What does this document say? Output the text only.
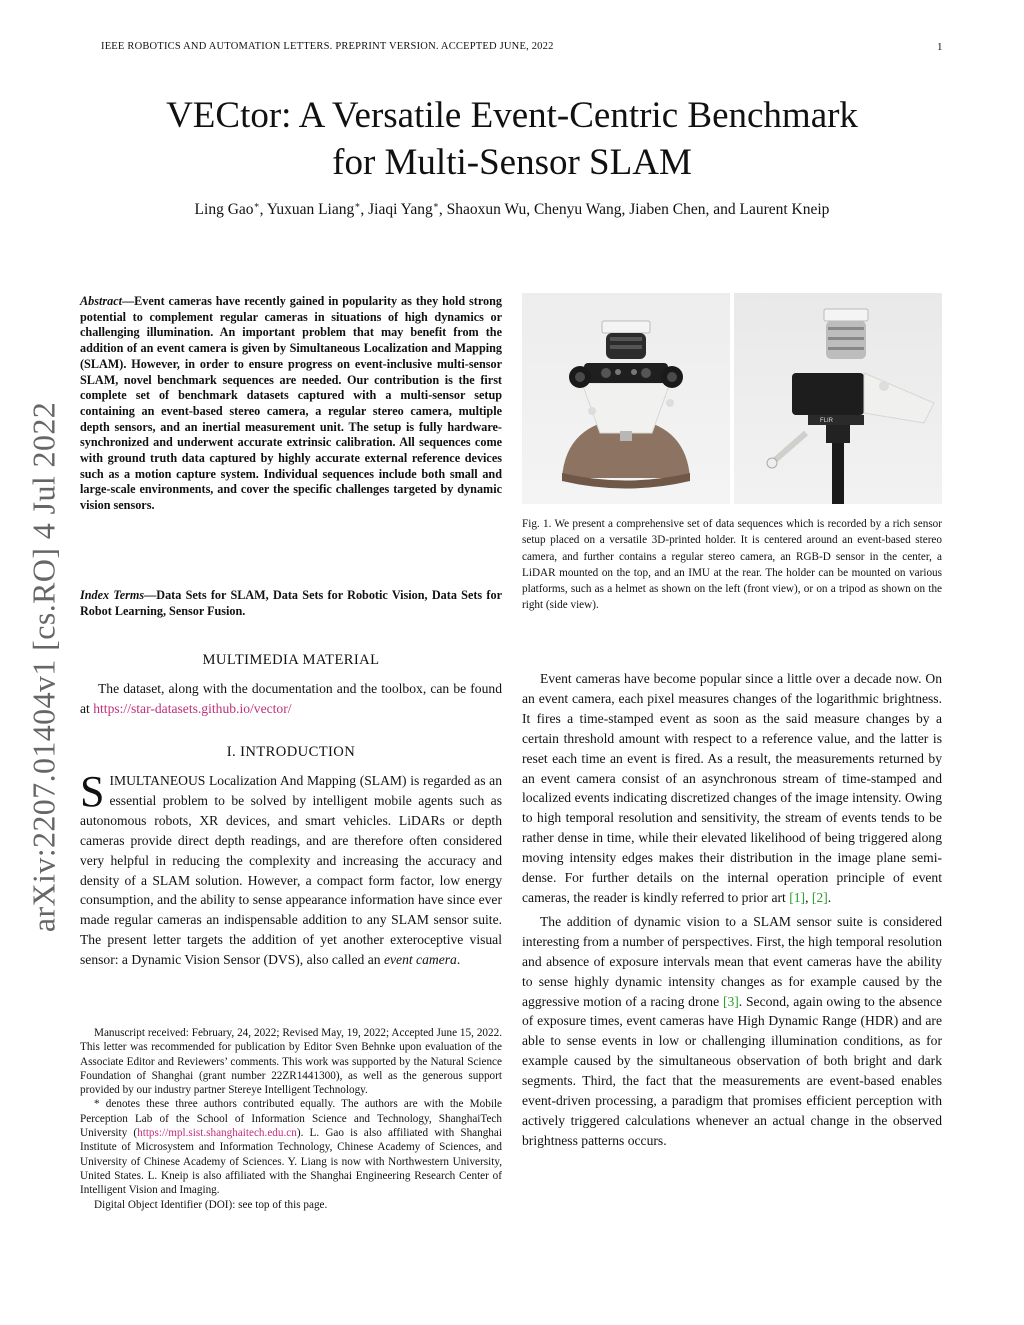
IEEE ROBOTICS AND AUTOMATION LETTERS. PREPRINT VERSION. ACCEPTED JUNE, 2022	1
arXiv:2207.01404v1 [cs.RO] 4 Jul 2022
VECtor: A Versatile Event-Centric Benchmark
for Multi-Sensor SLAM
Ling Gao∗, Yuxuan Liang∗, Jiaqi Yang∗, Shaoxun Wu, Chenyu Wang, Jiaben Chen, and Laurent Kneip
Abstract—Event cameras have recently gained in popularity as they hold strong potential to complement regular cameras in situations of high dynamics or challenging illumination. An important problem that may benefit from the addition of an event camera is given by Simultaneous Localization and Mapping (SLAM). However, in order to ensure progress on event-inclusive multi-sensor SLAM, novel benchmark sequences are needed. Our contribution is the first complete set of benchmark datasets captured with a multi-sensor setup containing an event-based stereo camera, a regular stereo camera, multiple depth sensors, and an inertial measurement unit. The setup is fully hardware-synchronized and underwent accurate extrinsic calibration. All sequences come with ground truth data captured by highly accurate external reference devices such as a motion capture system. Individual sequences include both small and large-scale environments, and cover the specific challenges targeted by dynamic vision sensors.
Index Terms—Data Sets for SLAM, Data Sets for Robotic Vision, Data Sets for Robot Learning, Sensor Fusion.
MULTIMEDIA MATERIAL
The dataset, along with the documentation and the toolbox, can be found at https://star-datasets.github.io/vector/
I. INTRODUCTION
SIMULTANEOUS Localization And Mapping (SLAM) is regarded as an essential problem to be solved by intelligent mobile agents such as autonomous robots, XR devices, and smart vehicles. LiDARs or depth cameras provide direct depth readings, and are therefore often considered very helpful in reducing the complexity and increasing the accuracy and density of a SLAM solution. However, a compact form factor, low energy consumption, and the ability to sense appearance information have since ever made regular cameras an indispensable addition to any SLAM sensor suite. The present letter targets the addition of yet another exteroceptive visual sensor: a Dynamic Vision Sensor (DVS), also called an event camera.

Manuscript received: February, 24, 2022; Revised May, 19, 2022; Accepted June 15, 2022. This letter was recommended for publication by Editor Sven Behnke upon evaluation of the Associate Editor and Reviewers’ comments. This work was supported by the Natural Science Foundation of Shanghai (grant number 22ZR1441300), as well as the generous support provided by our industry partner Stereye Intelligent Technology.

* denotes these three authors contributed equally. The authors are with the Mobile Perception Lab of the School of Information Science and Technology, ShanghaiTech University (https://mpl.sist.shanghaitech.edu.cn). L. Gao is also affiliated with Shanghai Institute of Microsystem and Information Technology, Chinese Academy of Sciences, and University of Chinese Academy of Sciences. Y. Liang is now with Northwestern University, United States. L. Kneip is also affiliated with the Shanghai Engineering Research Center of Intelligent Vision and Imaging.

Digital Object Identifier (DOI): see top of this page.

FLIR
Fig. 1. We present a comprehensive set of data sequences which is recorded by a rich sensor setup placed on a versatile 3D-printed holder. It is centered around an event-based stereo camera, and further contains a regular stereo camera, an RGB-D sensor in the center, a LiDAR mounted on the top, and an IMU at the rear. The holder can be mounted on various platforms, such as a helmet as shown on the left (front view), or on a tripod as shown on the right (side view).

Event cameras have become popular since a little over a decade now. On an event camera, each pixel measures changes of the logarithmic brightness. It fires a time-stamped event as soon as the said measure changes by a certain threshold amount with respect to a reference value, and the latter is reset each time an event is fired. As a result, the measurements returned by an event camera consist of an asynchronous stream of time-stamped and localized events indicating discretized changes of the image intensity. Owing to high temporal resolution and sensitivity, the stream of events tends to be rather dense in time, while their elevated likelihood of being triggered along moving intensity edges makes their distribution in the image plane semi-dense. For further details on the internal operation principle of event cameras, the reader is kindly referred to prior art [1], [2].

The addition of dynamic vision to a SLAM sensor suite is considered interesting from a number of perspectives. First, the high temporal resolution and absence of exposure intervals mean that event cameras have the ability to sense highly dynamic intensity changes as for example caused by the aggressive motion of a racing drone [3]. Second, again owing to the absence of exposure times, event cameras have High Dynamic Range (HDR) and are able to sense events in low or challenging illumination conditions, as for example caused by the simultaneous observation of both bright and dark segments. Third, the fact that the measurements are event-based enables event-driven processing, a paradigm that promises efficient perception with actively triggered calculations whenever an actual change in the observed brightness patterns occurs.
